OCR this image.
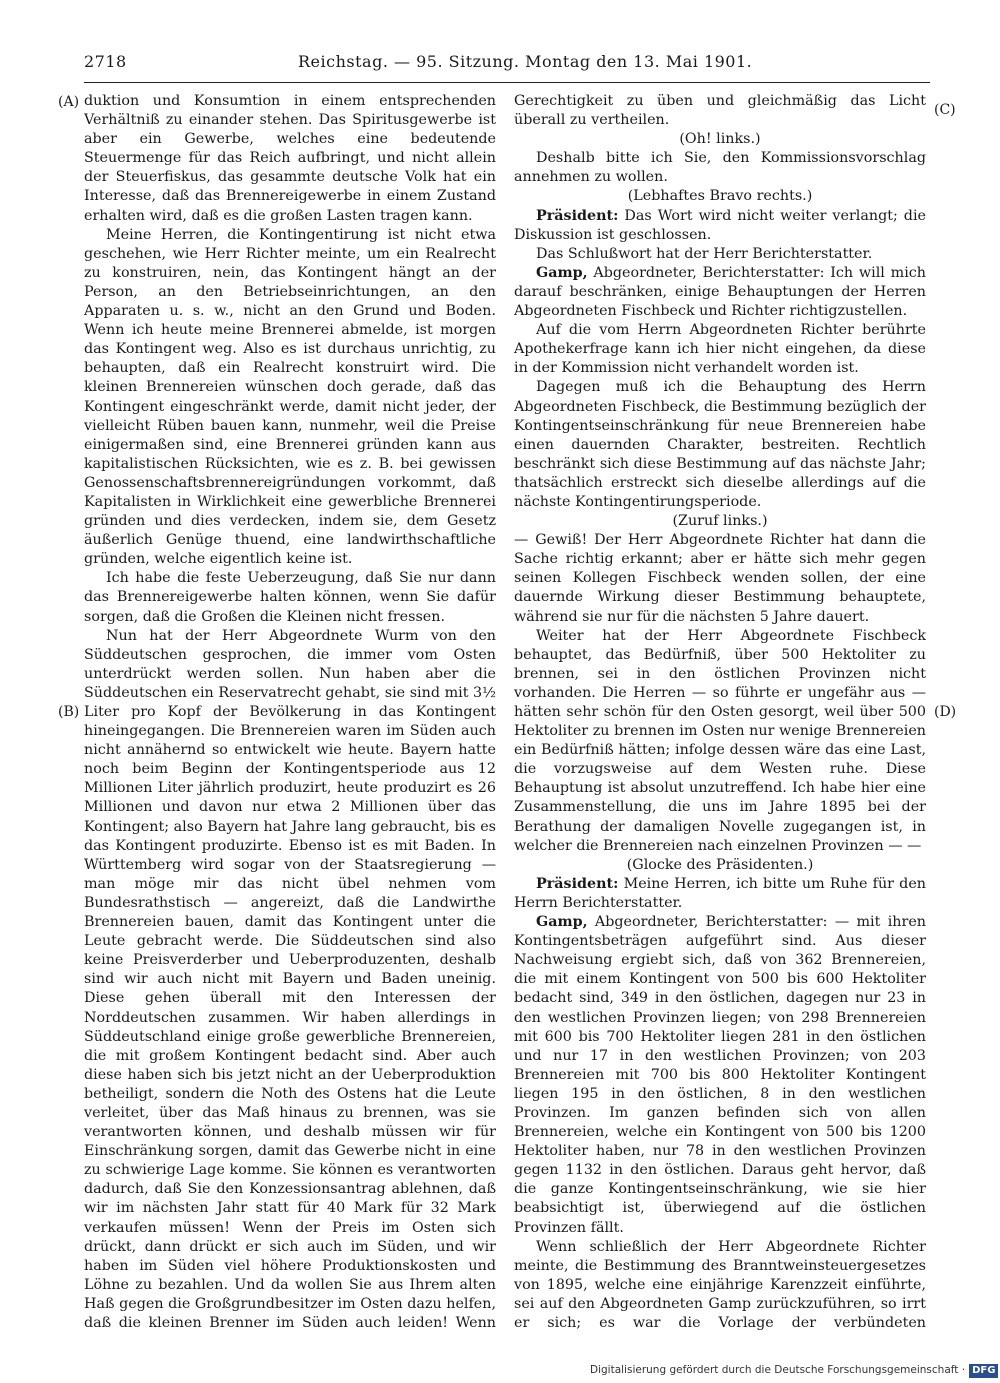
2718	Reichstag. — 95. Sitzung. Montag den 13. Mai 1901.
(A)
(B)
(C)
(D)

duktion und Konsumtion in einem entsprechenden Verhältniß zu einander stehen. Das Spiritusgewerbe ist aber ein Gewerbe, welches eine bedeutende Steuermenge für das Reich aufbringt, und nicht allein der Steuerfiskus, das gesammte deutsche Volk hat ein Interesse, daß das Brennereigewerbe in einem Zustand erhalten wird, daß es die großen Lasten tragen kann.

Meine Herren, die Kontingentirung ist nicht etwa geschehen, wie Herr Richter meinte, um ein Realrecht zu konstruiren, nein, das Kontingent hängt an der Person, an den Betriebseinrichtungen, an den Apparaten u. s. w., nicht an den Grund und Boden. Wenn ich heute meine Brennerei abmelde, ist morgen das Kontingent weg. Also es ist durchaus unrichtig, zu behaupten, daß ein Realrecht konstruirt wird. Die kleinen Brennereien wünschen doch gerade, daß das Kontingent eingeschränkt werde, damit nicht jeder, der vielleicht Rüben bauen kann, nunmehr, weil die Preise einigermaßen sind, eine Brennerei gründen kann aus kapitalistischen Rücksichten, wie es z. B. bei gewissen Genossenschaftsbrennereigründungen vorkommt, daß Kapitalisten in Wirklichkeit eine gewerbliche Brennerei gründen und dies verdecken, indem sie, dem Gesetz äußerlich Genüge thuend, eine landwirthschaftliche gründen, welche eigentlich keine ist.

Ich habe die feste Ueberzeugung, daß Sie nur dann das Brennereigewerbe halten können, wenn Sie dafür sorgen, daß die Großen die Kleinen nicht fressen.

Nun hat der Herr Abgeordnete Wurm von den Süddeutschen gesprochen, die immer vom Osten unterdrückt werden sollen. Nun haben aber die Süddeutschen ein Reservatrecht gehabt, sie sind mit 3½ Liter pro Kopf der Bevölkerung in das Kontingent hineingegangen. Die Brennereien waren im Süden auch nicht annähernd so entwickelt wie heute. Bayern hatte noch beim Beginn der Kontingentsperiode aus 12 Millionen Liter jährlich produzirt, heute produzirt es 26 Millionen und davon nur etwa 2 Millionen über das Kontingent; also Bayern hat Jahre lang gebraucht, bis es das Kontingent produzirte. Ebenso ist es mit Baden. In Württemberg wird sogar von der Staatsregierung — man möge mir das nicht übel nehmen vom Bundesrathstisch — angereizt, daß die Landwirthe Brennereien bauen, damit das Kontingent unter die Leute gebracht werde. Die Süddeutschen sind also keine Preisverderber und Ueberproduzenten, deshalb sind wir auch nicht mit Bayern und Baden uneinig. Diese gehen überall mit den Interessen der Norddeutschen zusammen. Wir haben allerdings in Süddeutschland einige große gewerbliche Brennereien, die mit großem Kontingent bedacht sind. Aber auch diese haben sich bis jetzt nicht an der Ueberproduktion betheiligt, sondern die Noth des Ostens hat die Leute verleitet, über das Maß hinaus zu brennen, was sie verantworten können, und deshalb müssen wir für Einschränkung sorgen, damit das Gewerbe nicht in eine zu schwierige Lage komme. Sie können es verantworten dadurch, daß Sie den Konzessionsantrag ablehnen, daß wir im nächsten Jahr statt für 40 Mark für 32 Mark verkaufen müssen! Wenn der Preis im Osten sich drückt, dann drückt er sich auch im Süden, und wir haben im Süden viel höhere Produktionskosten und Löhne zu bezahlen. Und da wollen Sie aus Ihrem alten Haß gegen die Großgrundbesitzer im Osten dazu helfen, daß die kleinen Brenner im Süden auch leiden! Wenn

Gerechtigkeit zu üben und gleichmäßig das Licht überall zu vertheilen.

(Oh! links.)

Deshalb bitte ich Sie, den Kommissionsvorschlag annehmen zu wollen.

(Lebhaftes Bravo rechts.)

Präsident: Das Wort wird nicht weiter verlangt; die Diskussion ist geschlossen.

Das Schlußwort hat der Herr Berichterstatter.

Gamp, Abgeordneter, Berichterstatter: Ich will mich darauf beschränken, einige Behauptungen der Herren Abgeordneten Fischbeck und Richter richtigzustellen.

Auf die vom Herrn Abgeordneten Richter berührte Apothekerfrage kann ich hier nicht eingehen, da diese in der Kommission nicht verhandelt worden ist.

Dagegen muß ich die Behauptung des Herrn Abgeordneten Fischbeck, die Bestimmung bezüglich der Kontingentseinschränkung für neue Brennereien habe einen dauernden Charakter, bestreiten. Rechtlich beschränkt sich diese Bestimmung auf das nächste Jahr; thatsächlich erstreckt sich dieselbe allerdings auf die nächste Kontingentirungsperiode.

(Zuruf links.)

— Gewiß! Der Herr Abgeordnete Richter hat dann die Sache richtig erkannt; aber er hätte sich mehr gegen seinen Kollegen Fischbeck wenden sollen, der eine dauernde Wirkung dieser Bestimmung behauptete, während sie nur für die nächsten 5 Jahre dauert.

Weiter hat der Herr Abgeordnete Fischbeck behauptet, das Bedürfniß, über 500 Hektoliter zu brennen, sei in den östlichen Provinzen nicht vorhanden. Die Herren — so führte er ungefähr aus — hätten sehr schön für den Osten gesorgt, weil über 500 Hektoliter zu brennen im Osten nur wenige Brennereien ein Bedürfniß hätten; infolge dessen wäre das eine Last, die vorzugsweise auf dem Westen ruhe. Diese Behauptung ist absolut unzutreffend. Ich habe hier eine Zusammenstellung, die uns im Jahre 1895 bei der Berathung der damaligen Novelle zugegangen ist, in welcher die Brennereien nach einzelnen Provinzen — —

(Glocke des Präsidenten.)

Präsident: Meine Herren, ich bitte um Ruhe für den Herrn Berichterstatter.

Gamp, Abgeordneter, Berichterstatter: — mit ihren Kontingentsbeträgen aufgeführt sind. Aus dieser Nachweisung ergiebt sich, daß von 362 Brennereien, die mit einem Kontingent von 500 bis 600 Hektoliter bedacht sind, 349 in den östlichen, dagegen nur 23 in den westlichen Provinzen liegen; von 298 Brennereien mit 600 bis 700 Hektoliter liegen 281 in den östlichen und nur 17 in den westlichen Provinzen; von 203 Brennereien mit 700 bis 800 Hektoliter Kontingent liegen 195 in den östlichen, 8 in den westlichen Provinzen. Im ganzen befinden sich von allen Brennereien, welche ein Kontingent von 500 bis 1200 Hektoliter haben, nur 78 in den westlichen Provinzen gegen 1132 in den östlichen. Daraus geht hervor, daß die ganze Kontingentseinschränkung, wie sie hier beabsichtigt ist, überwiegend auf die östlichen Provinzen fällt.

Wenn schließlich der Herr Abgeordnete Richter meinte, die Bestimmung des Branntweinsteuergesetzes von 1895, welche eine einjährige Karenzzeit einführte, sei auf den Abgeordneten Gamp zurückzuführen, so irrt er sich; es war die Vorlage der verbündeten

Digitalisierung gefördert durch die Deutsche Forschungsgemeinschaft · DFG
